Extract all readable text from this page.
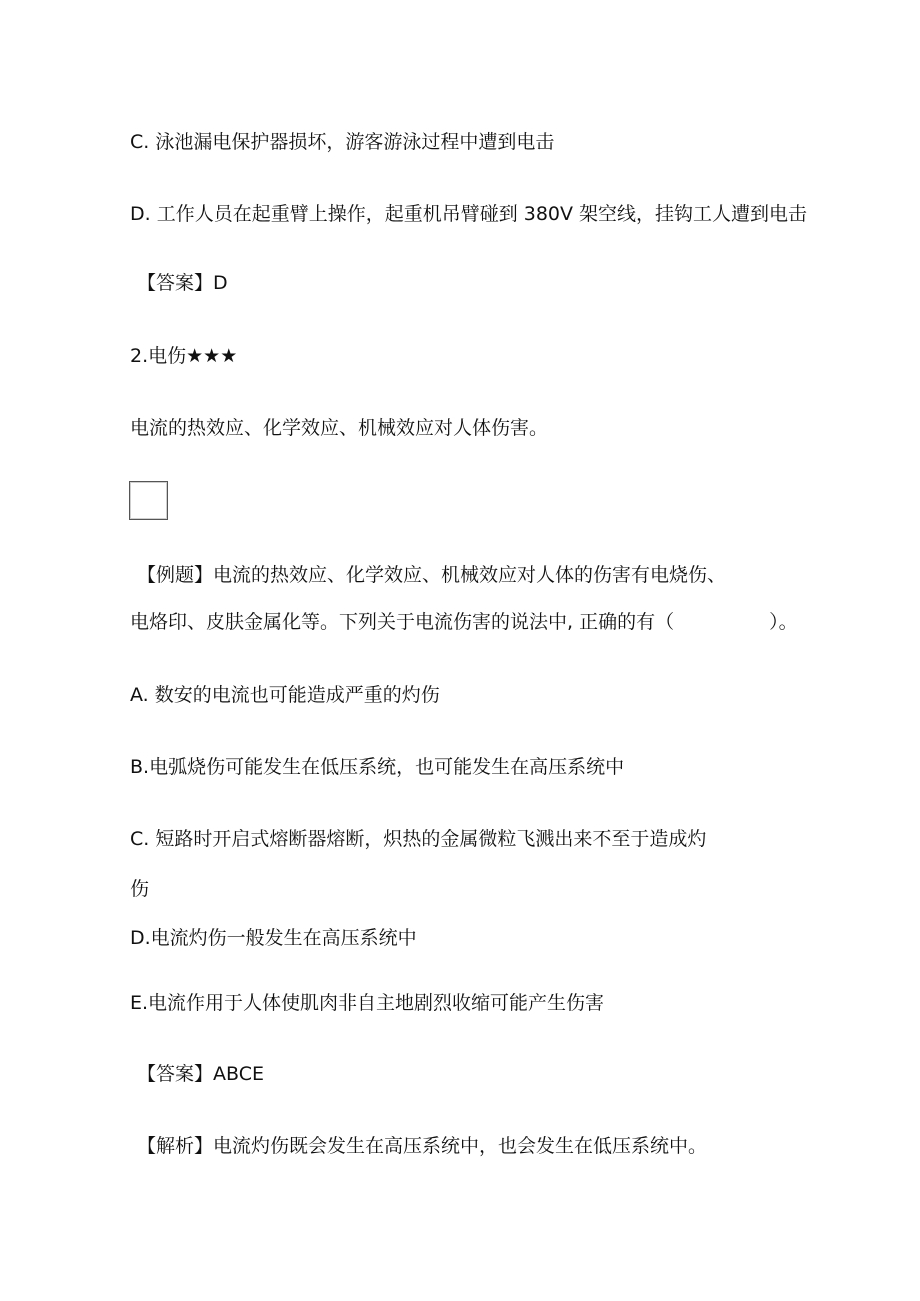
C. 泳池漏电保护器损坏，游客游泳过程中遭到电击
D. 工作人员在起重臂上操作，起重机吊臂碰到 380V 架空线，挂钩工人遭到电击
【答案】D
2.电伤★★★
电流的热效应、化学效应、机械效应对人体伤害。
【例题】电流的热效应、化学效应、机械效应对人体的伤害有电烧伤、
电烙印、皮肤金属化等。下列关于电流伤害的说法中, 正确的有（　　　　　）。
A. 数安的电流也可能造成严重的灼伤
B.电弧烧伤可能发生在低压系统，也可能发生在高压系统中
C. 短路时开启式熔断器熔断，炽热的金属微粒飞溅出来不至于造成灼
伤
D.电流灼伤一般发生在高压系统中
E.电流作用于人体使肌肉非自主地剧烈收缩可能产生伤害
【答案】ABCE
【解析】电流灼伤既会发生在高压系统中，也会发生在低压系统中。
